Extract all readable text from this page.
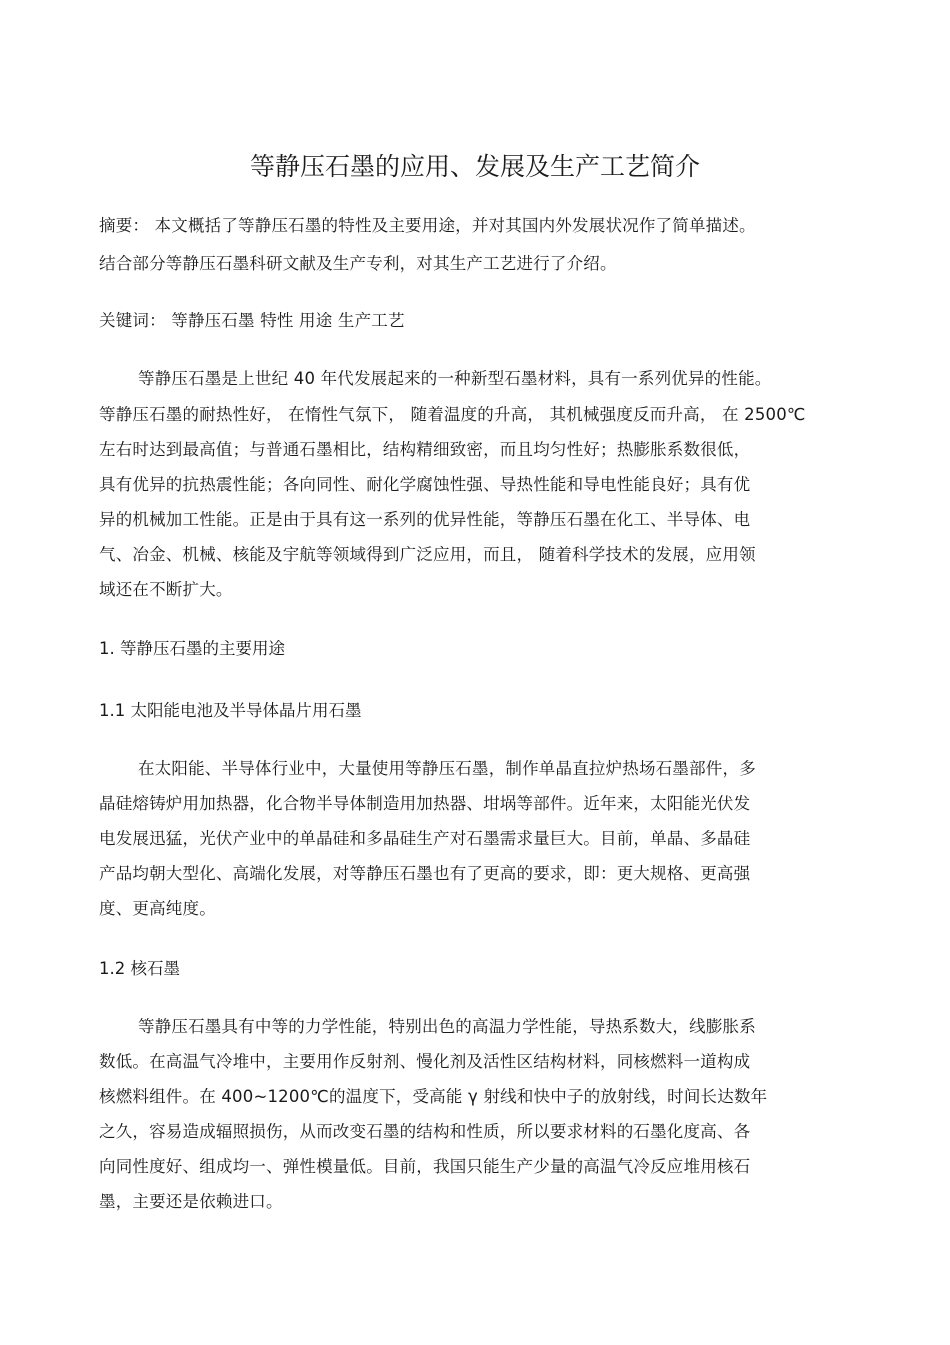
等静压石墨的应用、发展及生产工艺简介
摘要： 本文概括了等静压石墨的特性及主要用途，并对其国内外发展状况作了简单描述。
结合部分等静压石墨科研文献及生产专利，对其生产工艺进行了介绍。
关键词： 等静压石墨 特性 用途 生产工艺
等静压石墨是上世纪 40 年代发展起来的一种新型石墨材料，具有一系列优异的性能。
等静压石墨的耐热性好， 在惰性气氛下， 随着温度的升高， 其机械强度反而升高， 在 2500℃
左右时达到最高值；与普通石墨相比，结构精细致密，而且均匀性好；热膨胀系数很低，
具有优异的抗热震性能；各向同性、耐化学腐蚀性强、导热性能和导电性能良好；具有优
异的机械加工性能。正是由于具有这一系列的优异性能，等静压石墨在化工、半导体、电
气、冶金、机械、核能及宇航等领域得到广泛应用，而且， 随着科学技术的发展，应用领
域还在不断扩大。
1. 等静压石墨的主要用途
1.1 太阳能电池及半导体晶片用石墨
在太阳能、半导体行业中，大量使用等静压石墨，制作单晶直拉炉热场石墨部件，多
晶硅熔铸炉用加热器，化合物半导体制造用加热器、坩埚等部件。近年来，太阳能光伏发
电发展迅猛，光伏产业中的单晶硅和多晶硅生产对石墨需求量巨大。目前，单晶、多晶硅
产品均朝大型化、高端化发展，对等静压石墨也有了更高的要求，即：更大规格、更高强
度、更高纯度。
1.2 核石墨
等静压石墨具有中等的力学性能，特别出色的高温力学性能，导热系数大，线膨胀系
数低。在高温气冷堆中，主要用作反射剂、慢化剂及活性区结构材料，同核燃料一道构成
核燃料组件。在 400~1200℃的温度下，受高能 γ 射线和快中子的放射线，时间长达数年
之久，容易造成辐照损伤，从而改变石墨的结构和性质，所以要求材料的石墨化度高、各
向同性度好、组成均一、弹性模量低。目前，我国只能生产少量的高温气冷反应堆用核石
墨，主要还是依赖进口。
